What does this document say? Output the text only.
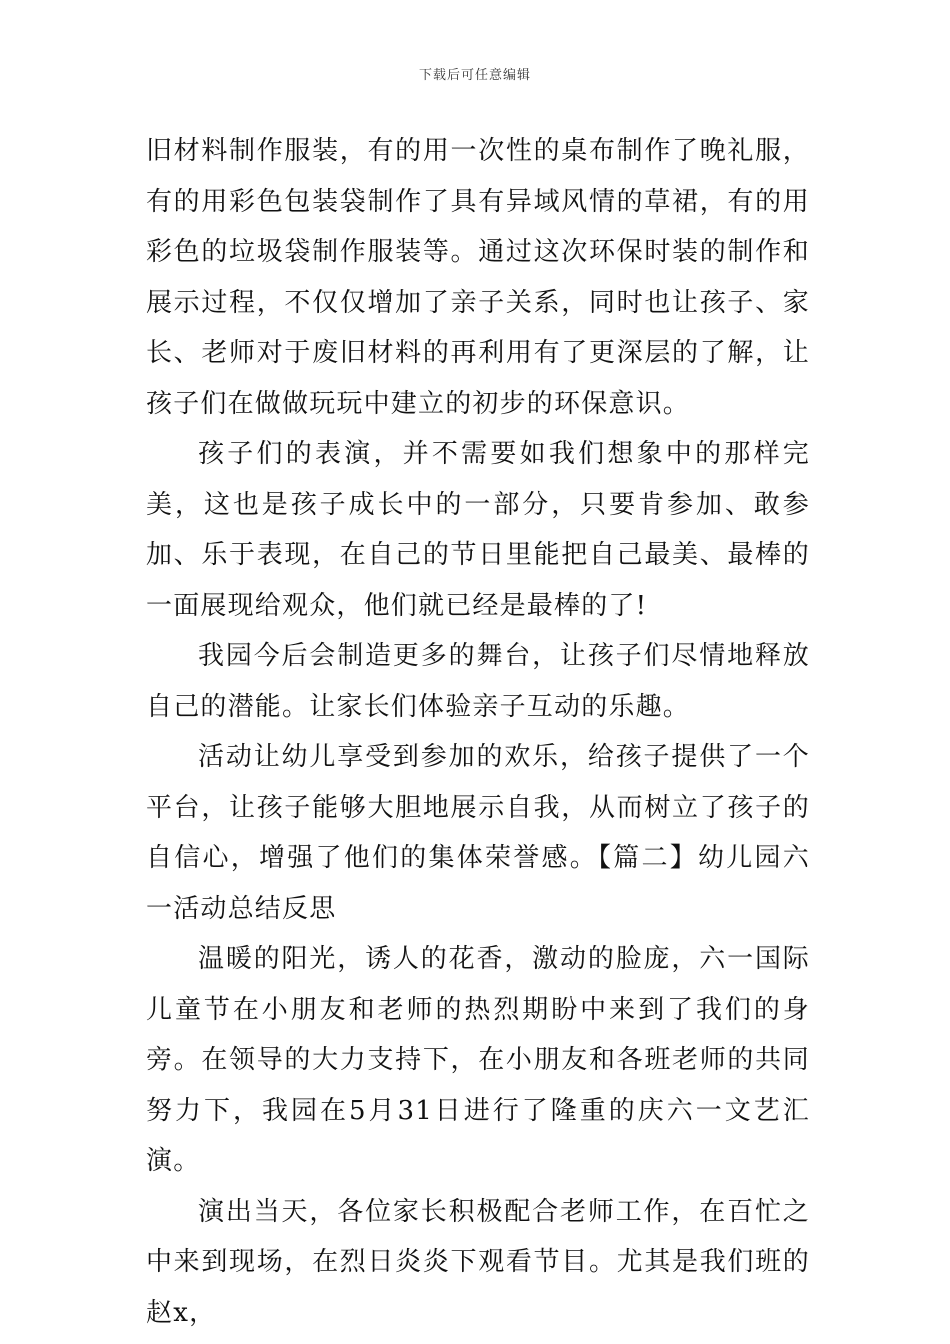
下载后可任意编辑

旧材料制作服装，有的用一次性的桌布制作了晚礼服，有的用彩色包装袋制作了具有异域风情的草裙，有的用彩色的垃圾袋制作服装等。通过这次环保时装的制作和展示过程，不仅仅增加了亲子关系，同时也让孩子、家长、老师对于废旧材料的再利用有了更深层的了解，让孩子们在做做玩玩中建立的初步的环保意识。

孩子们的表演，并不需要如我们想象中的那样完美，这也是孩子成长中的一部分，只要肯参加、敢参加、乐于表现，在自己的节日里能把自己最美、最棒的一面展现给观众，他们就已经是最棒的了!

我园今后会制造更多的舞台，让孩子们尽情地释放自己的潜能。让家长们体验亲子互动的乐趣。

活动让幼儿享受到参加的欢乐，给孩子提供了一个平台，让孩子能够大胆地展示自我，从而树立了孩子的自信心，增强了他们的集体荣誉感。【篇二】幼儿园六一活动总结反思

温暖的阳光，诱人的花香，激动的脸庞，六一国际儿童节在小朋友和老师的热烈期盼中来到了我们的身旁。在领导的大力支持下，在小朋友和各班老师的共同努力下，我园在5月31日进行了隆重的庆六一文艺汇演。

演出当天，各位家长积极配合老师工作，在百忙之中来到现场，在烈日炎炎下观看节目。尤其是我们班的赵x，
